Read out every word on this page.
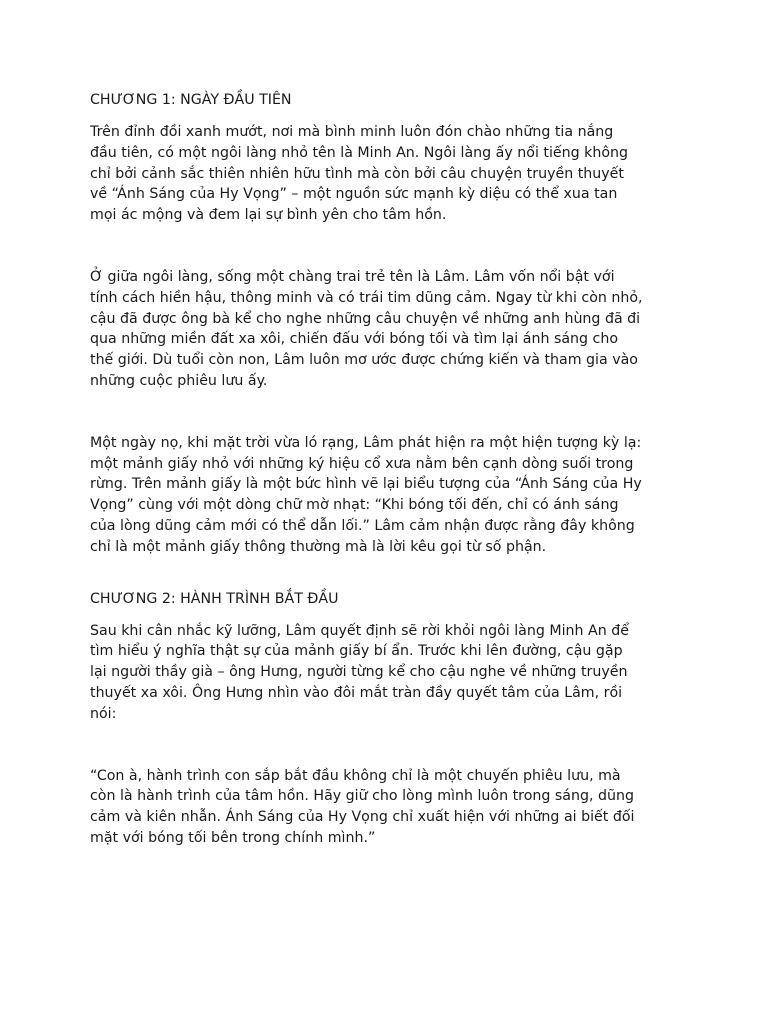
CHƯƠNG 1: NGÀY ĐẦU TIÊN

Trên đỉnh đồi xanh mướt, nơi mà bình minh luôn đón chào những tia nắng
đầu tiên, có một ngôi làng nhỏ tên là Minh An. Ngôi làng ấy nổi tiếng không
chỉ bởi cảnh sắc thiên nhiên hữu tình mà còn bởi câu chuyện truyền thuyết
về “Ánh Sáng của Hy Vọng” – một nguồn sức mạnh kỳ diệu có thể xua tan
mọi ác mộng và đem lại sự bình yên cho tâm hồn.

Ở giữa ngôi làng, sống một chàng trai trẻ tên là Lâm. Lâm vốn nổi bật với
tính cách hiền hậu, thông minh và có trái tim dũng cảm. Ngay từ khi còn nhỏ,
cậu đã được ông bà kể cho nghe những câu chuyện về những anh hùng đã đi
qua những miền đất xa xôi, chiến đấu với bóng tối và tìm lại ánh sáng cho
thế giới. Dù tuổi còn non, Lâm luôn mơ ước được chứng kiến và tham gia vào
những cuộc phiêu lưu ấy.

Một ngày nọ, khi mặt trời vừa ló rạng, Lâm phát hiện ra một hiện tượng kỳ lạ:
một mảnh giấy nhỏ với những ký hiệu cổ xưa nằm bên cạnh dòng suối trong
rừng. Trên mảnh giấy là một bức hình vẽ lại biểu tượng của “Ánh Sáng của Hy
Vọng” cùng với một dòng chữ mờ nhạt: “Khi bóng tối đến, chỉ có ánh sáng
của lòng dũng cảm mới có thể dẫn lối.” Lâm cảm nhận được rằng đây không
chỉ là một mảnh giấy thông thường mà là lời kêu gọi từ số phận.

CHƯƠNG 2: HÀNH TRÌNH BẮT ĐẦU

Sau khi cân nhắc kỹ lưỡng, Lâm quyết định sẽ rời khỏi ngôi làng Minh An để
tìm hiểu ý nghĩa thật sự của mảnh giấy bí ẩn. Trước khi lên đường, cậu gặp
lại người thầy già – ông Hưng, người từng kể cho cậu nghe về những truyền
thuyết xa xôi. Ông Hưng nhìn vào đôi mắt tràn đầy quyết tâm của Lâm, rồi
nói:

“Con à, hành trình con sắp bắt đầu không chỉ là một chuyến phiêu lưu, mà
còn là hành trình của tâm hồn. Hãy giữ cho lòng mình luôn trong sáng, dũng
cảm và kiên nhẫn. Ánh Sáng của Hy Vọng chỉ xuất hiện với những ai biết đối
mặt với bóng tối bên trong chính mình.”
